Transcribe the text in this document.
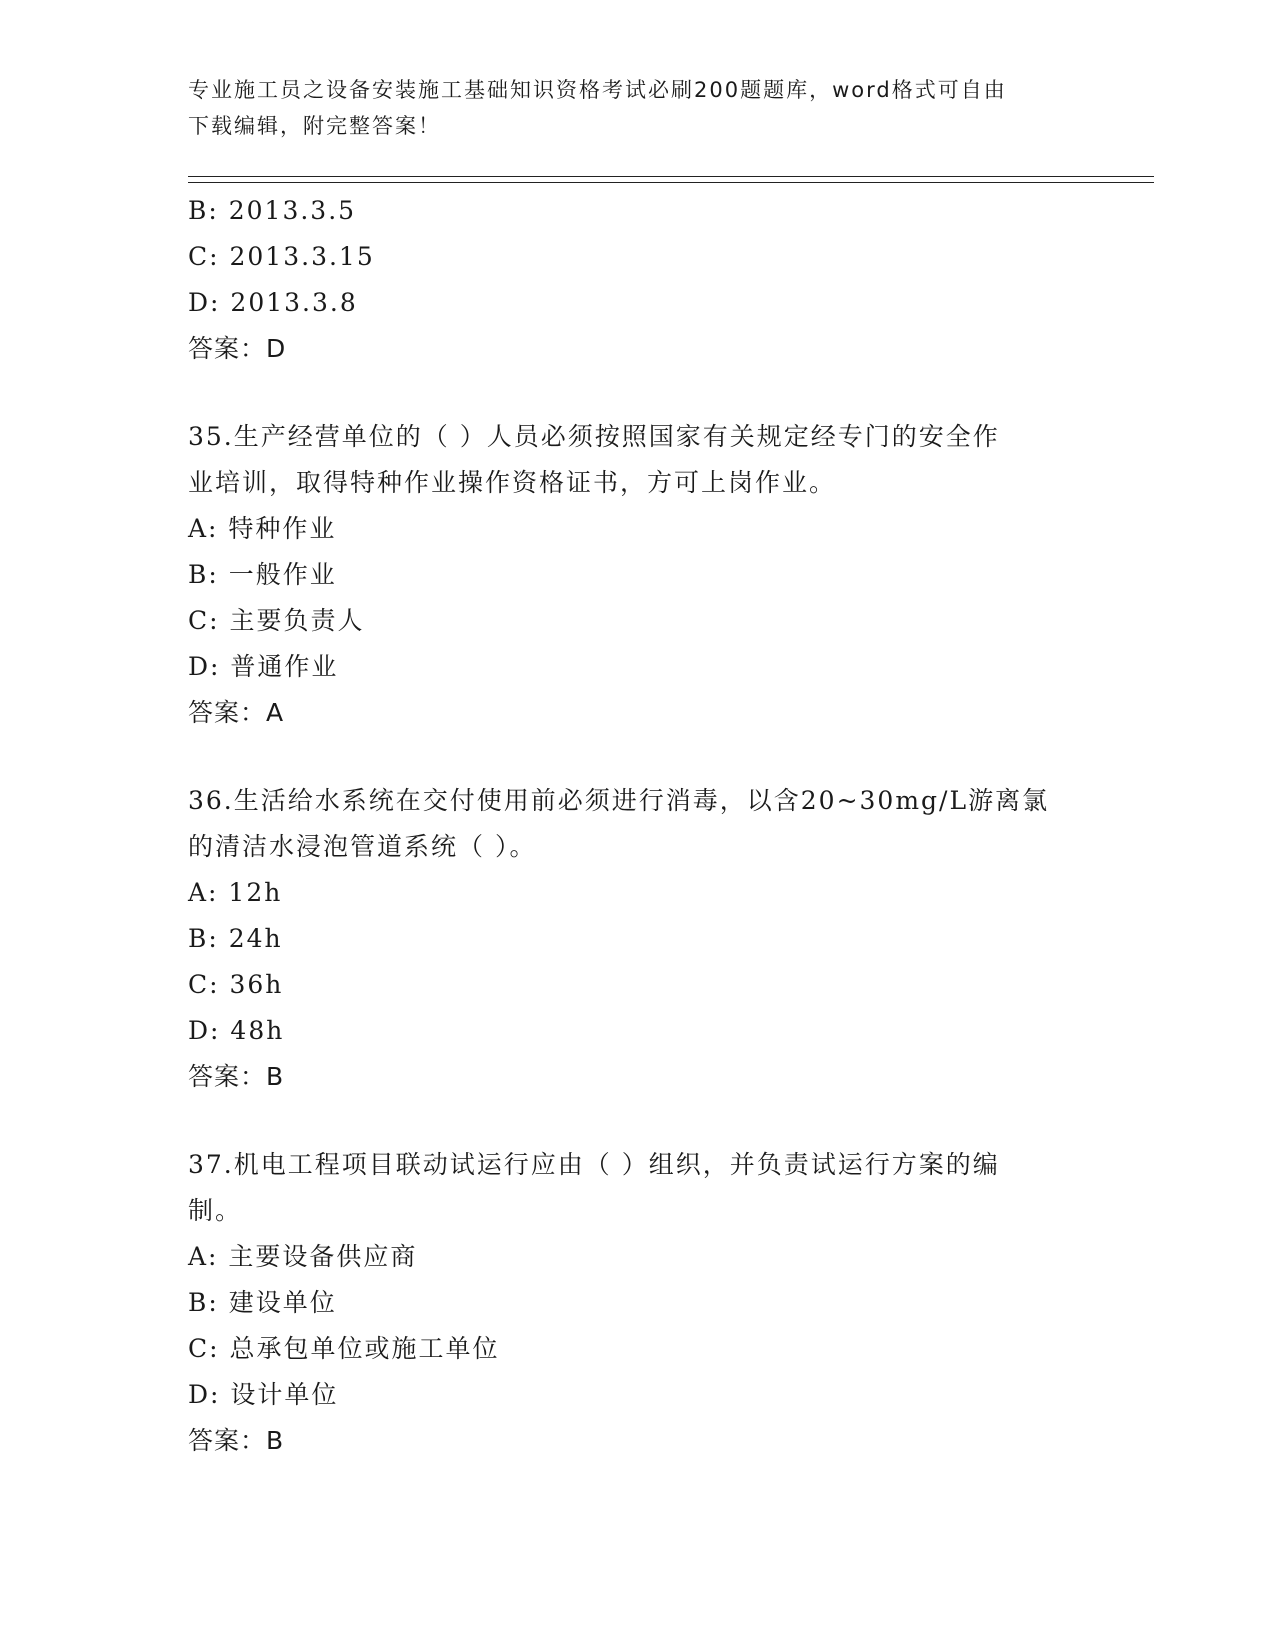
专业施工员之设备安装施工基础知识资格考试必刷200题题库，word格式可自由
下载编辑，附完整答案！
B: 2013.3.5
C: 2013.3.15
D: 2013.3.8
答案：D
35.生产经营单位的（ ）人员必须按照国家有关规定经专门的安全作
业培训，取得特种作业操作资格证书，方可上岗作业。
A: 特种作业
B: 一般作业
C: 主要负责人
D: 普通作业
答案：A
36.生活给水系统在交付使用前必须进行消毒，以含20~30mg/L游离氯
的清洁水浸泡管道系统（ ）。
A: 12h
B: 24h
C: 36h
D: 48h
答案：B
37.机电工程项目联动试运行应由（ ）组织，并负责试运行方案的编
制。
A: 主要设备供应商
B: 建设单位
C: 总承包单位或施工单位
D: 设计单位
答案：B
